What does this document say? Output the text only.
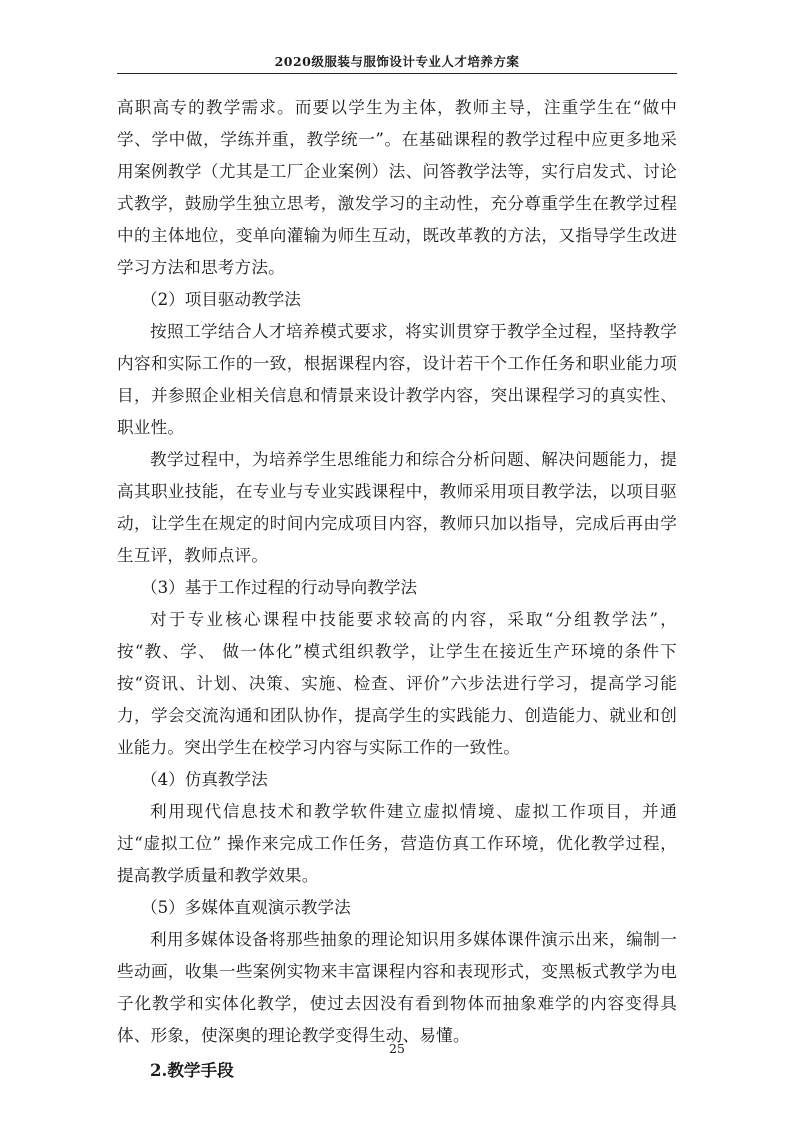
2020级服装与服饰设计专业人才培养方案

高职高专的教学需求。而要以学生为主体，教师主导，注重学生在“做中学、学中做，学练并重，教学统一”。在基础课程的教学过程中应更多地采用案例教学（尤其是工厂企业案例）法、问答教学法等，实行启发式、讨论式教学，鼓励学生独立思考，激发学习的主动性，充分尊重学生在教学过程中的主体地位，变单向灌输为师生互动，既改革教的方法，又指导学生改进学习方法和思考方法。

（2）项目驱动教学法

按照工学结合人才培养模式要求，将实训贯穿于教学全过程，坚持教学内容和实际工作的一致，根据课程内容，设计若干个工作任务和职业能力项目，并参照企业相关信息和情景来设计教学内容，突出课程学习的真实性、职业性。

教学过程中，为培养学生思维能力和综合分析问题、解决问题能力，提高其职业技能，在专业与专业实践课程中，教师采用项目教学法，以项目驱动，让学生在规定的时间内完成项目内容，教师只加以指导，完成后再由学生互评，教师点评。

（3）基于工作过程的行动导向教学法

对于专业核心课程中技能要求较高的内容，采取“分组教学法”，按“教、学、 做一体化”模式组织教学，让学生在接近生产环境的条件下按“资讯、计划、决策、实施、检查、评价”六步法进行学习，提高学习能力，学会交流沟通和团队协作，提高学生的实践能力、创造能力、就业和创业能力。突出学生在校学习内容与实际工作的一致性。

（4）仿真教学法

利用现代信息技术和教学软件建立虚拟情境、虚拟工作项目，并通过“虚拟工位” 操作来完成工作任务，营造仿真工作环境，优化教学过程，提高教学质量和教学效果。

（5）多媒体直观演示教学法

利用多媒体设备将那些抽象的理论知识用多媒体课件演示出来，编制一些动画，收集一些案例实物来丰富课程内容和表现形式，变黑板式教学为电子化教学和实体化教学，使过去因没有看到物体而抽象难学的内容变得具体、形象，使深奥的理论教学变得生动、易懂。

2.教学手段

25
